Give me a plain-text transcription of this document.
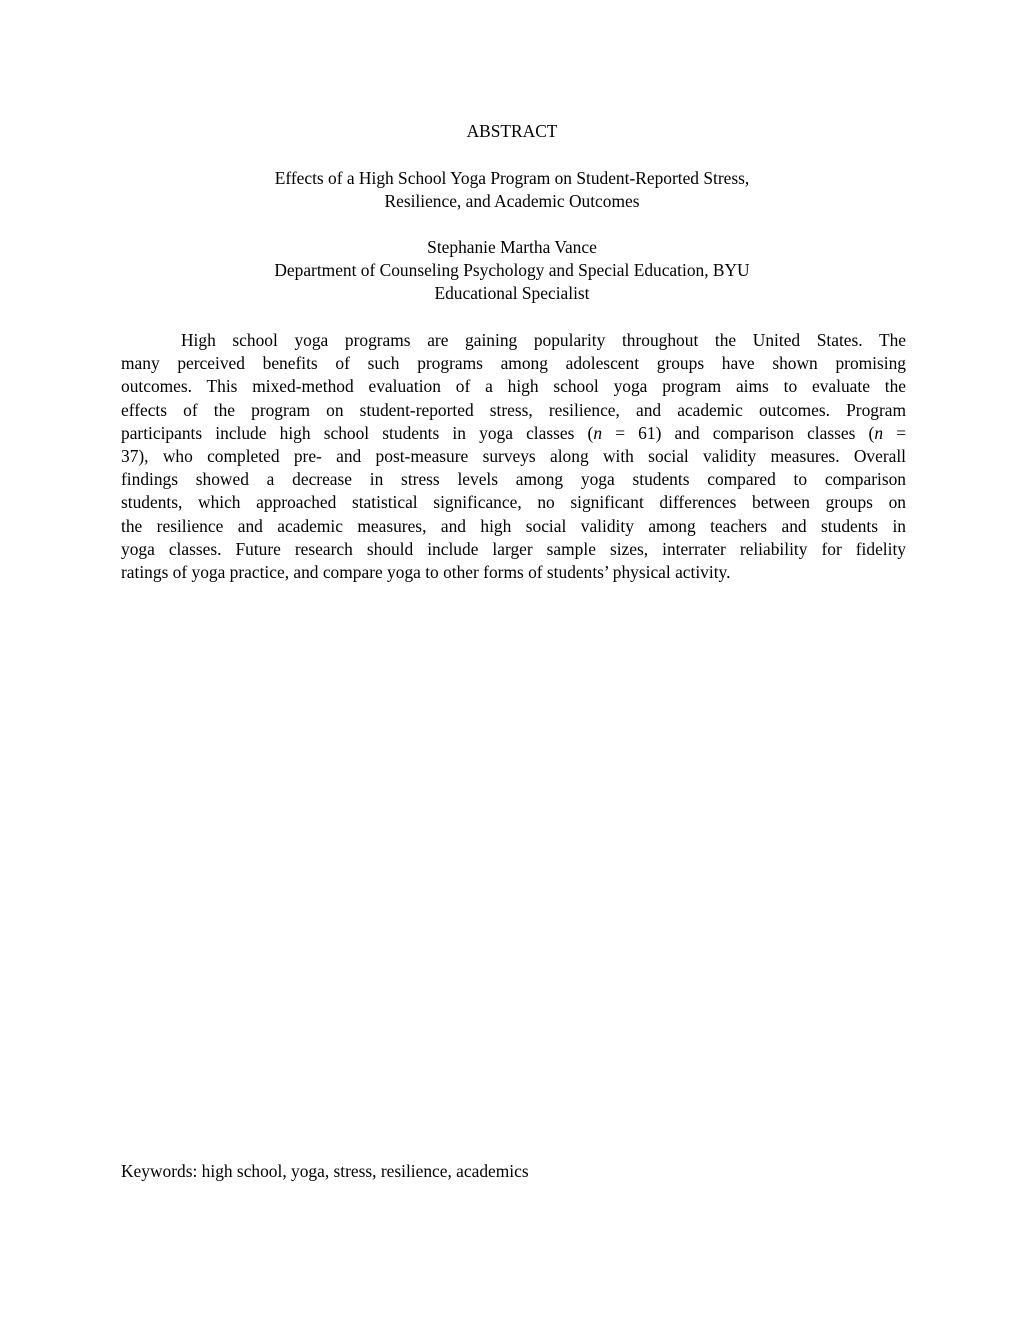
ABSTRACT
Effects of a High School Yoga Program on Student-Reported Stress,
Resilience, and Academic Outcomes
Stephanie Martha Vance
Department of Counseling Psychology and Special Education, BYU
Educational Specialist
High school yoga programs are gaining popularity throughout the United States. The
many perceived benefits of such programs among adolescent groups have shown promising
outcomes. This mixed-method evaluation of a high school yoga program aims to evaluate the
effects of the program on student-reported stress, resilience, and academic outcomes. Program
participants include high school students in yoga classes (n = 61) and comparison classes (n =
37), who completed pre- and post-measure surveys along with social validity measures. Overall
findings showed a decrease in stress levels among yoga students compared to comparison
students, which approached statistical significance, no significant differences between groups on
the resilience and academic measures, and high social validity among teachers and students in
yoga classes. Future research should include larger sample sizes, interrater reliability for fidelity
ratings of yoga practice, and compare yoga to other forms of students’ physical activity.
Keywords: high school, yoga, stress, resilience, academics
